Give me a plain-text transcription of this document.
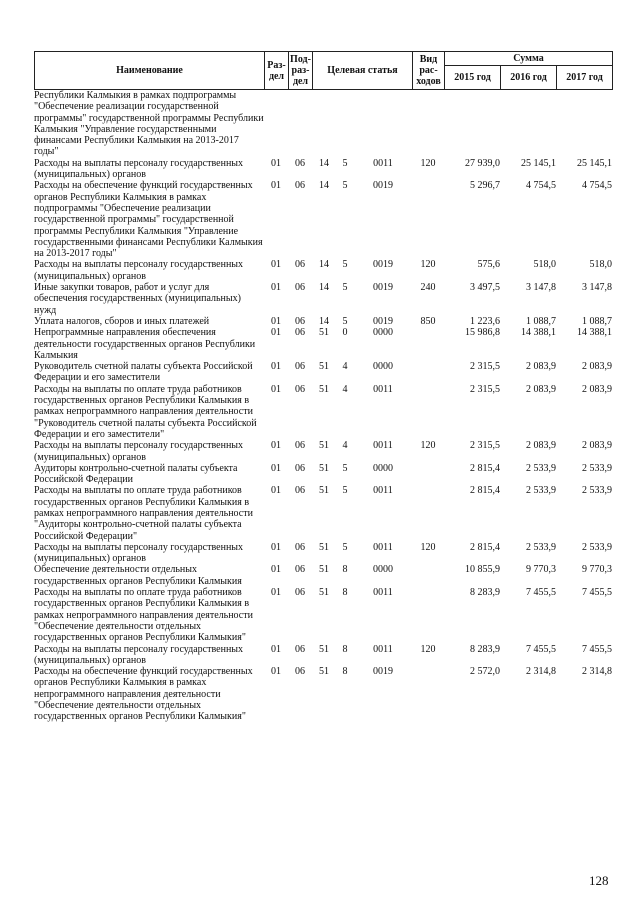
Наименование	Раз-дел	Под-раз-дел	Целевая статья	Вид рас-ходов	Сумма		
					2015 год	2016 год	2017 год
Республики Калмыкия в рамках подпрограммы "Обеспечение реализации государственной программы" государственной программы Республики Калмыкия "Управление государственными финансами Республики Калмыкия на 2013-2017 годы"									
Расходы на выплаты персоналу государственных (муниципальных) органов	01	06	14	5	0011	120	27 939,0	25 145,1	25 145,1
Расходы на обеспечение функций государственных органов Республики Калмыкия в рамках подпрограммы "Обеспечение реализации государственной программы" государственной программы Республики Калмыкия "Управление государственными финансами Республики Калмыкия на 2013-2017 годы"	01	06	14	5	0019		5 296,7	4 754,5	4 754,5
Расходы на выплаты персоналу государственных (муниципальных) органов	01	06	14	5	0019	120	575,6	518,0	518,0
Иные закупки товаров, работ и услуг для обеспечения государственных (муниципальных) нужд	01	06	14	5	0019	240	3 497,5	3 147,8	3 147,8
Уплата налогов, сборов и иных платежей	01	06	14	5	0019	850	1 223,6	1 088,7	1 088,7
Непрограммные направления обеспечения деятельности государственных органов Республики Калмыкия	01	06	51	0	0000		15 986,8	14 388,1	14 388,1
Руководитель счетной палаты субъекта Российской Федерации и его заместители	01	06	51	4	0000		2 315,5	2 083,9	2 083,9
Расходы на выплаты по оплате труда работников государственных органов Республики Калмыкия в рамках непрограммного направления деятельности "Руководитель счетной палаты субъекта Российской Федерации и его заместители"	01	06	51	4	0011		2 315,5	2 083,9	2 083,9
Расходы на выплаты персоналу государственных (муниципальных) органов	01	06	51	4	0011	120	2 315,5	2 083,9	2 083,9
Аудиторы контрольно-счетной палаты субъекта Российской Федерации	01	06	51	5	0000		2 815,4	2 533,9	2 533,9
Расходы на выплаты по оплате труда работников государственных органов Республики Калмыкия в рамках непрограммного направления деятельности "Аудиторы контрольно-счетной палаты субъекта Российской Федерации"	01	06	51	5	0011		2 815,4	2 533,9	2 533,9
Расходы на выплаты персоналу государственных (муниципальных) органов	01	06	51	5	0011	120	2 815,4	2 533,9	2 533,9
Обеспечение деятельности отдельных государственных органов Республики Калмыкия	01	06	51	8	0000		10 855,9	9 770,3	9 770,3
Расходы на выплаты по оплате труда работников государственных органов Республики Калмыкия в рамках непрограммного направления деятельности "Обеспечение деятельности отдельных государственных органов Республики Калмыкия"	01	06	51	8	0011		8 283,9	7 455,5	7 455,5
Расходы на выплаты персоналу государственных (муниципальных) органов	01	06	51	8	0011	120	8 283,9	7 455,5	7 455,5
Расходы на обеспечение функций государственных органов Республики Калмыкия в рамках непрограммного направления деятельности "Обеспечение деятельности отдельных государственных органов Республики Калмыкия"	01	06	51	8	0019		2 572,0	2 314,8	2 314,8
128
